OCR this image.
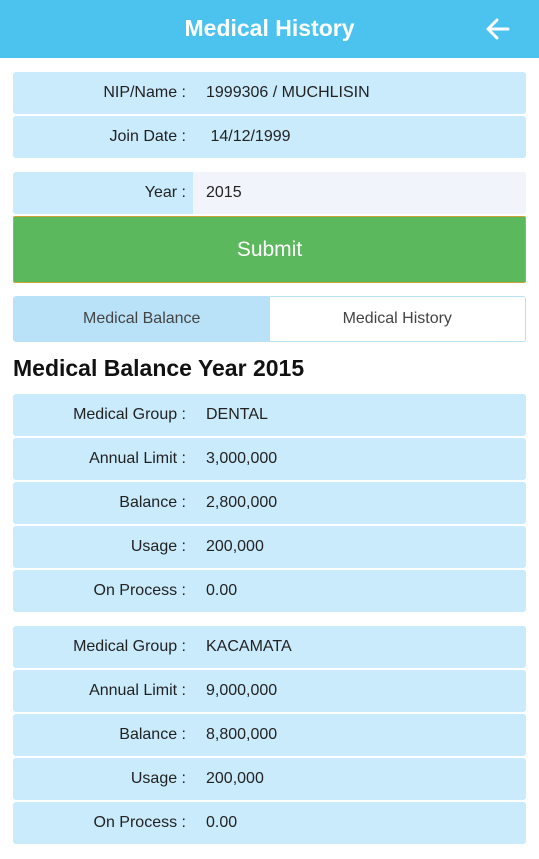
Medical History
NIP/Name :	1999306 / MUCHLISIN
Join Date :	14/12/1999
Year :
2015
Submit
Medical Balance	Medical History
Medical Balance Year 2015
Medical Group :	DENTAL
Annual Limit :	3,000,000
Balance :	2,800,000
Usage :	200,000
On Process :	0.00
Medical Group :	KACAMATA
Annual Limit :	9,000,000
Balance :	8,800,000
Usage :	200,000
On Process :	0.00
